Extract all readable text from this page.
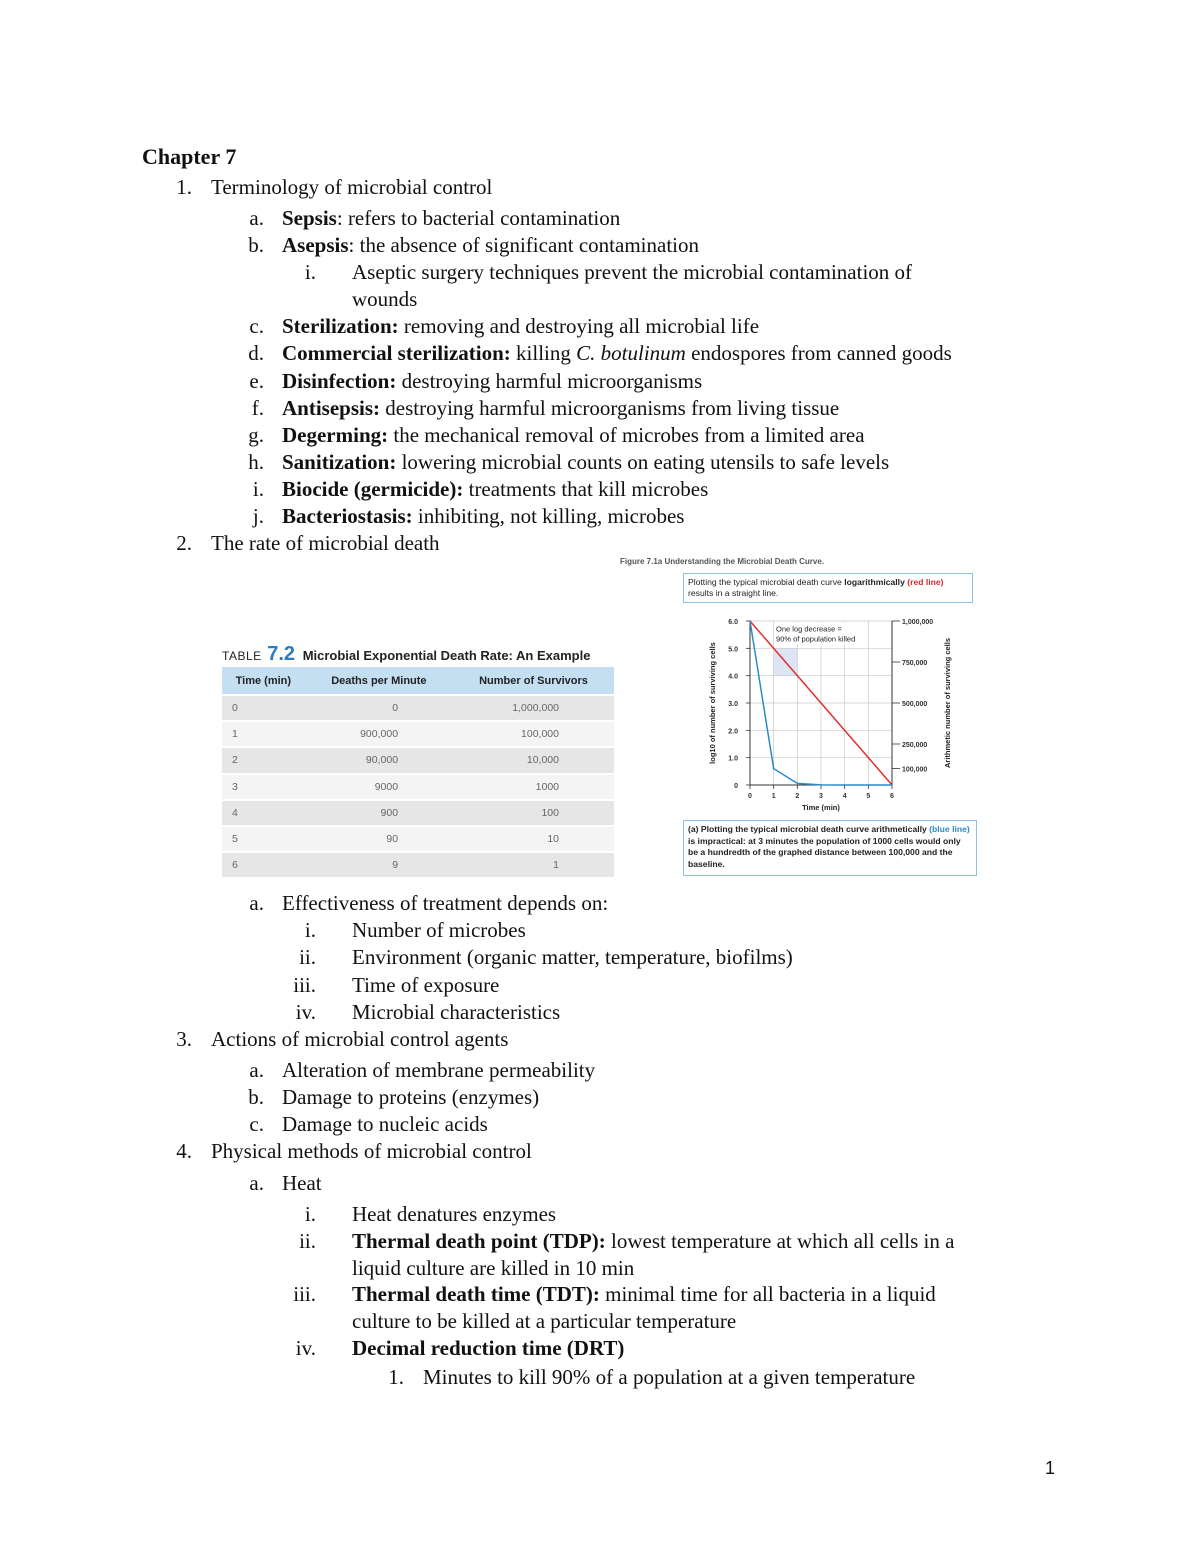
Chapter 7
1. Terminology of microbial control
a. Sepsis: refers to bacterial contamination
b. Asepsis: the absence of significant contamination
i. Aseptic surgery techniques prevent the microbial contamination of
wounds
c. Sterilization: removing and destroying all microbial life
d. Commercial sterilization: killing C. botulinum endospores from canned goods
e. Disinfection: destroying harmful microorganisms
f. Antisepsis: destroying harmful microorganisms from living tissue
g. Degerming: the mechanical removal of microbes from a limited area
h. Sanitization: lowering microbial counts on eating utensils to safe levels
i. Biocide (germicide): treatments that kill microbes
j. Bacteriostasis: inhibiting, not killing, microbes
2. The rate of microbial death
TABLE 7.2 Microbial Exponential Death Rate: An Example
Time (min)	Deaths per Minute	Number of Survivors
0	0	1,000,000
1	900,000	100,000
2	90,000	10,000
3	9000	1000
4	900	100
5	90	10
6	9	1
Figure 7.1a Understanding the Microbial Death Curve.
Plotting the typical microbial death curve logarithmically (red line) results in a straight line.
0
1.0
2.0
3.0
4.0
5.0
6.0
100,000
250,000
500,000
750,000
1,000,000
0	1	2	3	4	5	6
Time (min)
log10 of number of surviving cells	Arithmetic number of surviving cells
One log decrease =
90% of population killed
(a) Plotting the typical microbial death curve arithmetically (blue line) is impractical: at 3 minutes the population of 1000 cells would only be a hundredth of the graphed distance between 100,000 and the baseline.
a. Effectiveness of treatment depends on:
i. Number of microbes
ii. Environment (organic matter, temperature, biofilms)
iii. Time of exposure
iv. Microbial characteristics
3. Actions of microbial control agents
a. Alteration of membrane permeability
b. Damage to proteins (enzymes)
c. Damage to nucleic acids
4. Physical methods of microbial control
a. Heat
i. Heat denatures enzymes
ii. Thermal death point (TDP): lowest temperature at which all cells in a
liquid culture are killed in 10 min
iii. Thermal death time (TDT): minimal time for all bacteria in a liquid
culture to be killed at a particular temperature
iv. Decimal reduction time (DRT)
1. Minutes to kill 90% of a population at a given temperature
1
